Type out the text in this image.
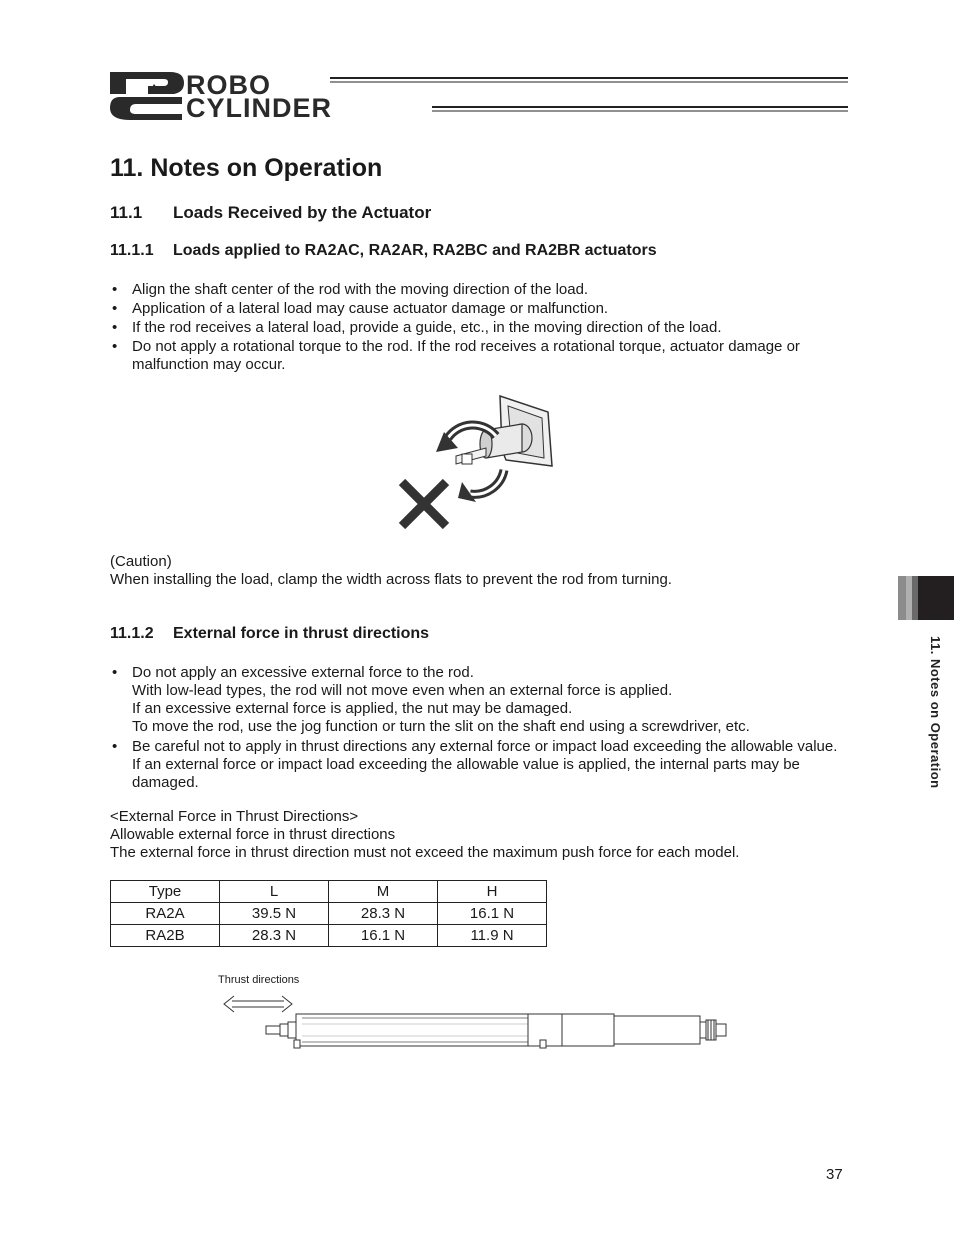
ROBO
CYLINDER
11. Notes on Operation
11.1 Loads Received by the Actuator
11.1.1 Loads applied to RA2AC, RA2AR, RA2BC and RA2BR actuators
• Align the shaft center of the rod with the moving direction of the load.
• Application of a lateral load may cause actuator damage or malfunction.
• If the rod receives a lateral load, provide a guide, etc., in the moving direction of the load.
• Do not apply a rotational torque to the rod. If the rod receives a rotational torque, actuator damage or malfunction may occur.
(Caution)
When installing the load, clamp the width across flats to prevent the rod from turning.
11.1.2 External force in thrust directions
• Do not apply an excessive external force to the rod.
With low-lead types, the rod will not move even when an external force is applied.
If an excessive external force is applied, the nut may be damaged.
To move the rod, use the jog function or turn the slit on the shaft end using a screwdriver, etc.
• Be careful not to apply in thrust directions any external force or impact load exceeding the allowable value. If an external force or impact load exceeding the allowable value is applied, the internal parts may be damaged.
<External Force in Thrust Directions>
Allowable external force in thrust directions
The external force in thrust direction must not exceed the maximum push force for each model.
Type	L	M	H
RA2A	39.5 N	28.3 N	16.1 N
RA2B	28.3 N	16.1 N	11.9 N
Thrust directions
11. Notes on Operation
37
